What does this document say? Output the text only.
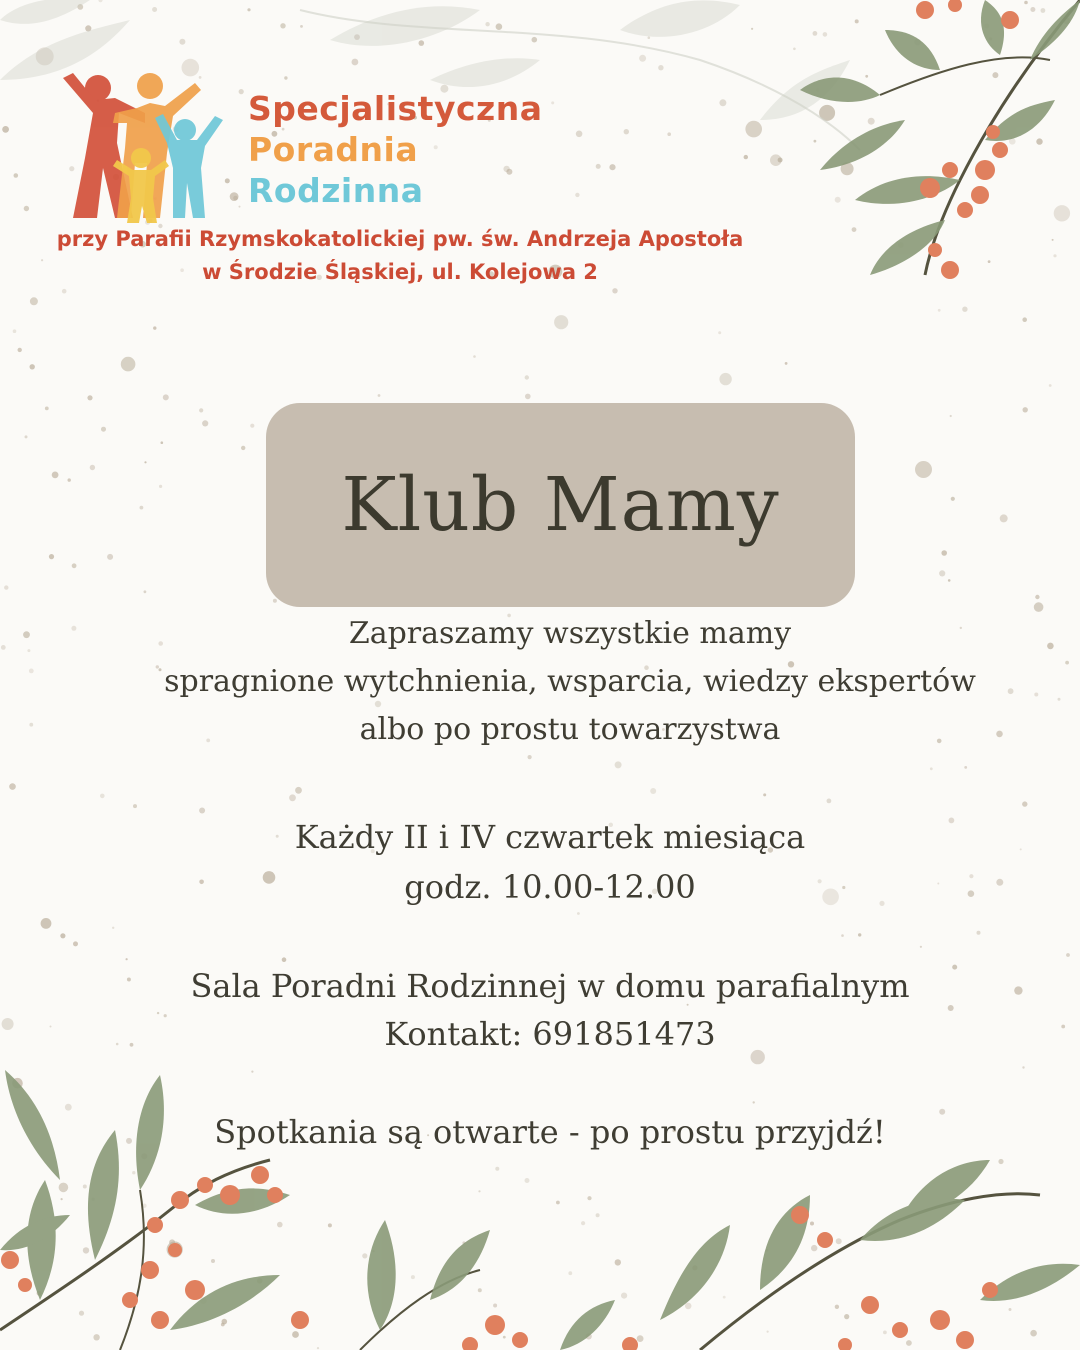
Specjalistyczna
Poradnia
Rodzinna
przy Parafii Rzymskokatolickiej pw. św. Andrzeja Apostoła
w Środzie Śląskiej, ul. Kolejowa 2
Klub Mamy
Zapraszamy wszystkie mamy
spragnione wytchnienia, wsparcia, wiedzy ekspertów
albo po prostu towarzystwa
Każdy II i IV czwartek miesiąca
godz. 10.00-12.00
Sala Poradni Rodzinnej w domu parafialnym
Kontakt: 691851473
Spotkania są otwarte - po prostu przyjdź!
